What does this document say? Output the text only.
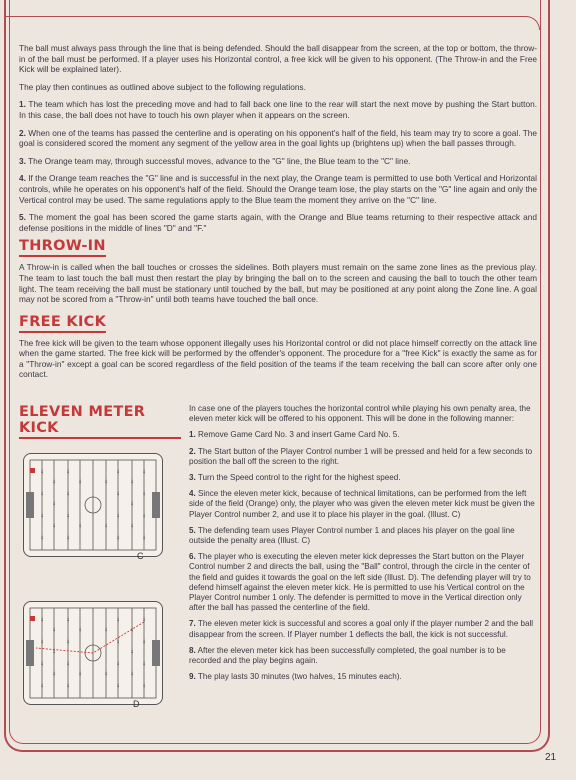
The ball must always pass through the line that is being defended. Should the ball disappear from the screen, at the top or bottom, the throw-in of the ball must be performed. If a player uses his Horizontal control, a free kick will be given to his opponent. (The Throw-in and the Free Kick will be explained later).

The play then continues as outlined above subject to the following regulations.

1. The team which has lost the preceding move and had to fall back one line to the rear will start the next move by pushing the Start button. In this case, the ball does not have to touch his own player when it appears on the screen.

2. When one of the teams has passed the centerline and is operating on his opponent's half of the field, his team may try to score a goal. The goal is considered scored the moment any segment of the yellow area in the goal lights up (brightens up) when the ball passes through.

3. The Orange team may, through successful moves, advance to the "G" line, the Blue team to the "C" line.

4. If the Orange team reaches the "G" line and is successful in the next play, the Orange team is permitted to use both Vertical and Horizontal controls, while he operates on his opponent's half of the field. Should the Orange team lose, the play starts on the "G" line again and only the Vertical control may be used. The same regulations apply to the Blue team the moment they arrive on the "C" line.

5. The moment the goal has been scored the game starts again, with the Orange and Blue teams returning to their respective attack and defense positions in the middle of lines "D" and "F."

THROW-IN

A Throw-in is called when the ball touches or crosses the sidelines. Both players must remain on the same zone lines as the previous play. The team to last touch the ball must then restart the play by bringing the ball on to the screen and causing the ball to touch the other team light. The team receiving the ball must be stationary until touched by the ball, but may be positioned at any point along the Zone line. A goal may not be scored from a "Throw-in" until both teams have touched the ball once.

FREE KICK

The free kick will be given to the team whose opponent illegally uses his Horizontal control or did not place himself correctly on the attack line when the game started. The free kick will be performed by the offender's opponent. The procedure for a "free Kick" is exactly the same as for a "Throw-in" except a goal can be scored regardless of the field position of the teams if the team receiving the ball can score after only one contact.

ELEVEN METER KICK
ᚼ
ᚼ
ᚼ
ᚼ
ᚼ
ᚼ
ᚼ
ᚼ
ᚼ
ᚼ
ᚼ
ᚼ
ᚼ
ᚼ
ᚼ
ᚼ
ᚼ
ᚼ
ᚼ
ᚼ
ᚼ
ᚼ
ᚼ
ᚼ
ᚼ
ᚼ
C
ᚼ
ᚼ
ᚼ
ᚼ
ᚼ
ᚼ
ᚼ
ᚼ
ᚼ
ᚼ
ᚼ
ᚼ
ᚼ
ᚼ
ᚼ
ᚼ
ᚼ
ᚼ
ᚼ
ᚼ
ᚼ
ᚼ
ᚼ
ᚼ
ᚼ
ᚼ
D

In case one of the players touches the horizontal control while playing his own penalty area, the eleven meter kick will be offered to his opponent. This will be done in the following manner:

1. Remove Game Card No. 3 and insert Game Card No. 5.

2. The Start button of the Player Control number 1 will be pressed and held for a few seconds to position the ball off the screen to the right.

3. Turn the Speed control to the right for the highest speed.

4. Since the eleven meter kick, because of technical limitations, can be performed from the left side of the field (Orange) only, the player who was given the eleven meter kick must be given the Player Control number 2, and use it to place his player in the goal. (Illust. C)

5. The defending team uses Player Control number 1 and places his player on the goal line outside the penalty area (Illust. C)

6. The player who is executing the eleven meter kick depresses the Start button on the Player Control number 2 and directs the ball, using the "Ball" control, through the circle in the center of the field and guides it towards the goal on the left side (Illust. D). The defending player will try to defend himself against the eleven meter kick. He is permitted to use his Vertical control on the Player Control number 1 only. The defender is permitted to move in the Vertical direction only after the ball has passed the centerline of the field.

7. The eleven meter kick is successful and scores a goal only if the player number 2 and the ball disappear from the screen. If Player number 1 deflects the ball, the kick is not successful.

8. After the eleven meter kick has been successfully completed, the goal number is to be recorded and the play begins again.

9. The play lasts 30 minutes (two halves, 15 minutes each).

21
